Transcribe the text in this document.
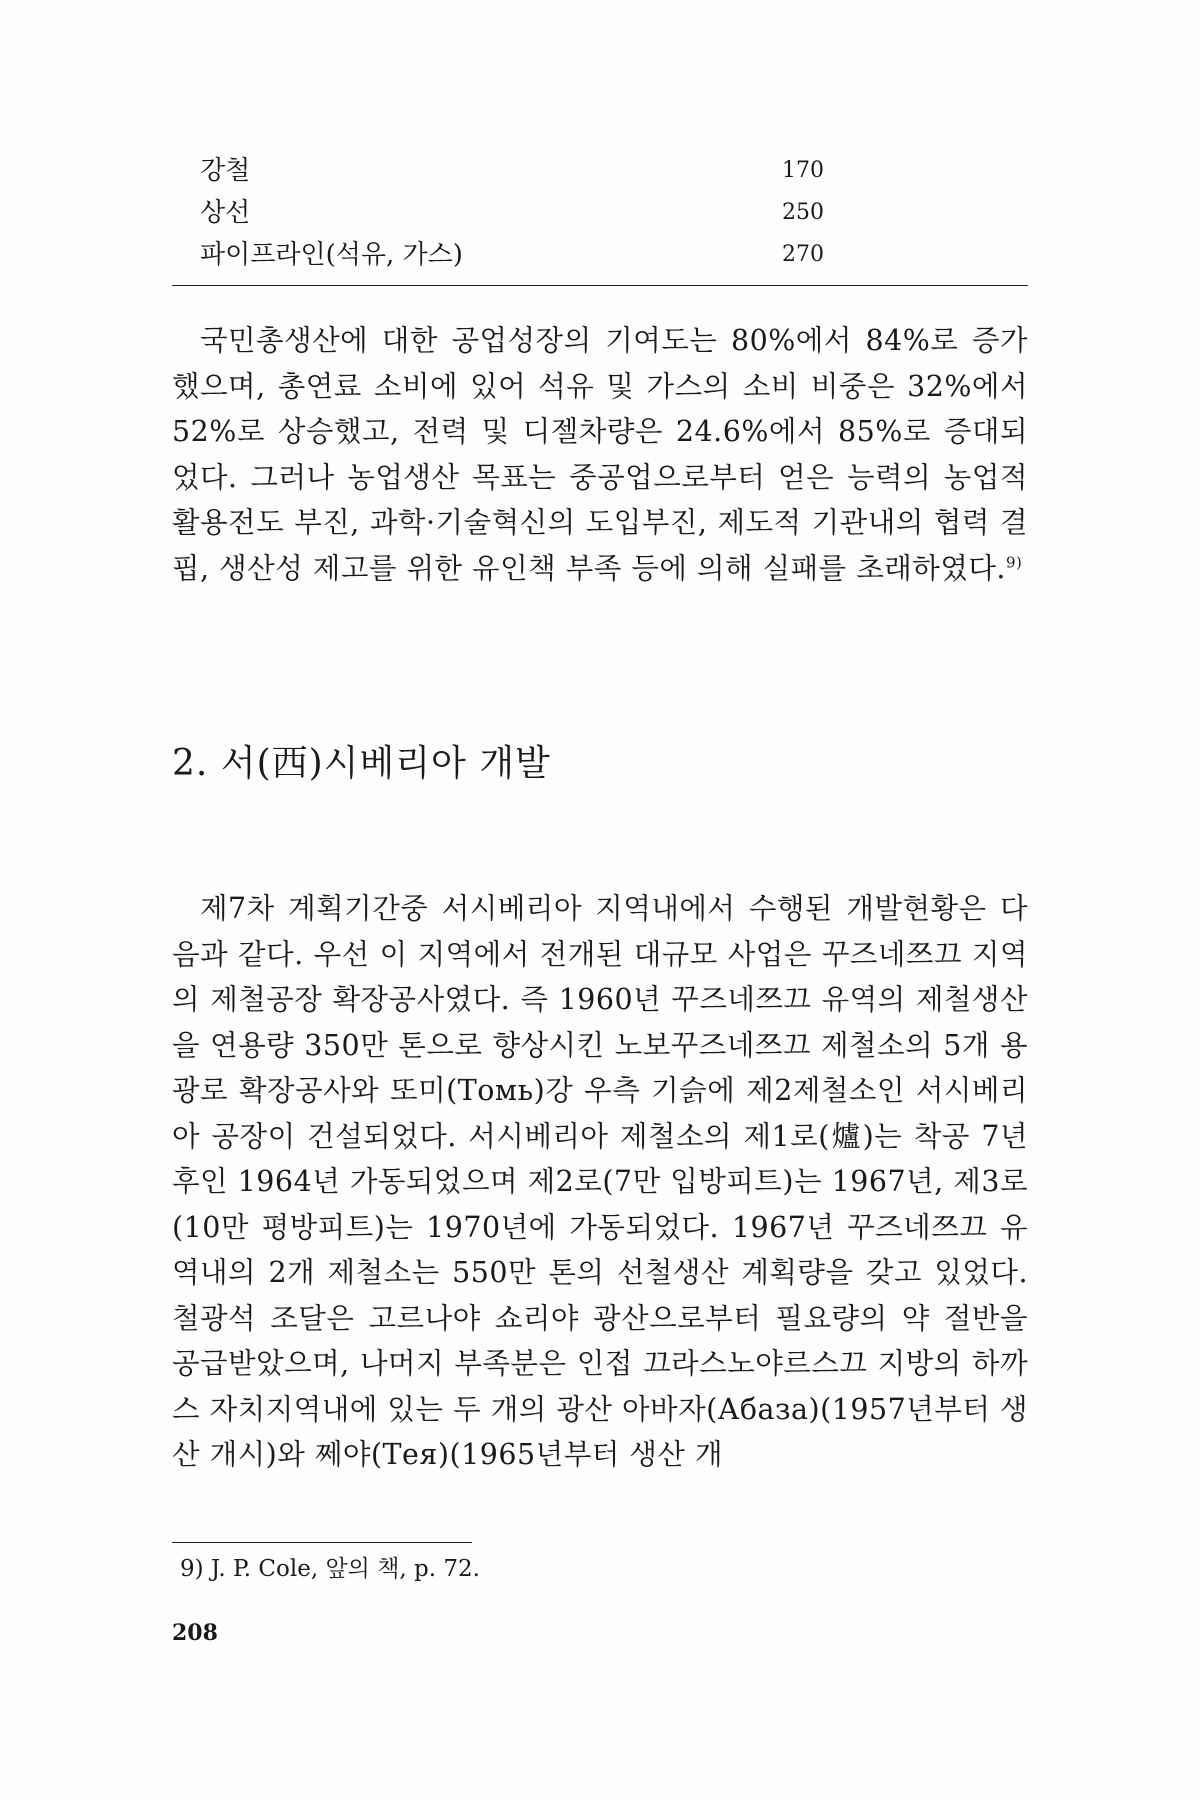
강철	170
상선	250
파이프라인(석유, 가스)	270

국민총생산에 대한 공업성장의 기여도는 80%에서 84%로 증가했으며, 총연료 소비에 있어 석유 및 가스의 소비 비중은 32%에서 52%로 상승했고, 전력 및 디젤차량은 24.6%에서 85%로 증대되었다. 그러나 농업생산 목표는 중공업으로부터 얻은 능력의 농업적 활용전도 부진, 과학·기술혁신의 도입부진, 제도적 기관내의 협력 결핍, 생산성 제고를 위한 유인책 부족 등에 의해 실패를 초래하였다.$^{9)}$

2. 서(西)시베리아 개발

제7차 계획기간중 서시베리아 지역내에서 수행된 개발현황은 다음과 같다. 우선 이 지역에서 전개된 대규모 사업은 꾸즈네쯔끄 지역의 제철공장 확장공사였다. 즉 1960년 꾸즈네쯔끄 유역의 제철생산을 연용량 350만 톤으로 향상시킨 노보꾸즈네쯔끄 제철소의 5개 용광로 확장공사와 또미(Томь)강 우측 기슭에 제2제철소인 서시베리아 공장이 건설되었다. 서시베리아 제철소의 제1로(爐)는 착공 7년 후인 1964년 가동되었으며 제2로(7만 입방피트)는 1967년, 제3로(10만 평방피트)는 1970년에 가동되었다. 1967년 꾸즈네쯔끄 유역내의 2개 제철소는 550만 톤의 선철생산 계획량을 갖고 있었다. 철광석 조달은 고르나야 쇼리야 광산으로부터 필요량의 약 절반을 공급받았으며, 나머지 부족분은 인접 끄라스노야르스끄 지방의 하까스 자치지역내에 있는 두 개의 광산 아바자(Абаза)(1957년부터 생산 개시)와 쩨야(Тея)(1965년부터 생산 개

9) J. P. Cole, 앞의 책, p. 72.
208
